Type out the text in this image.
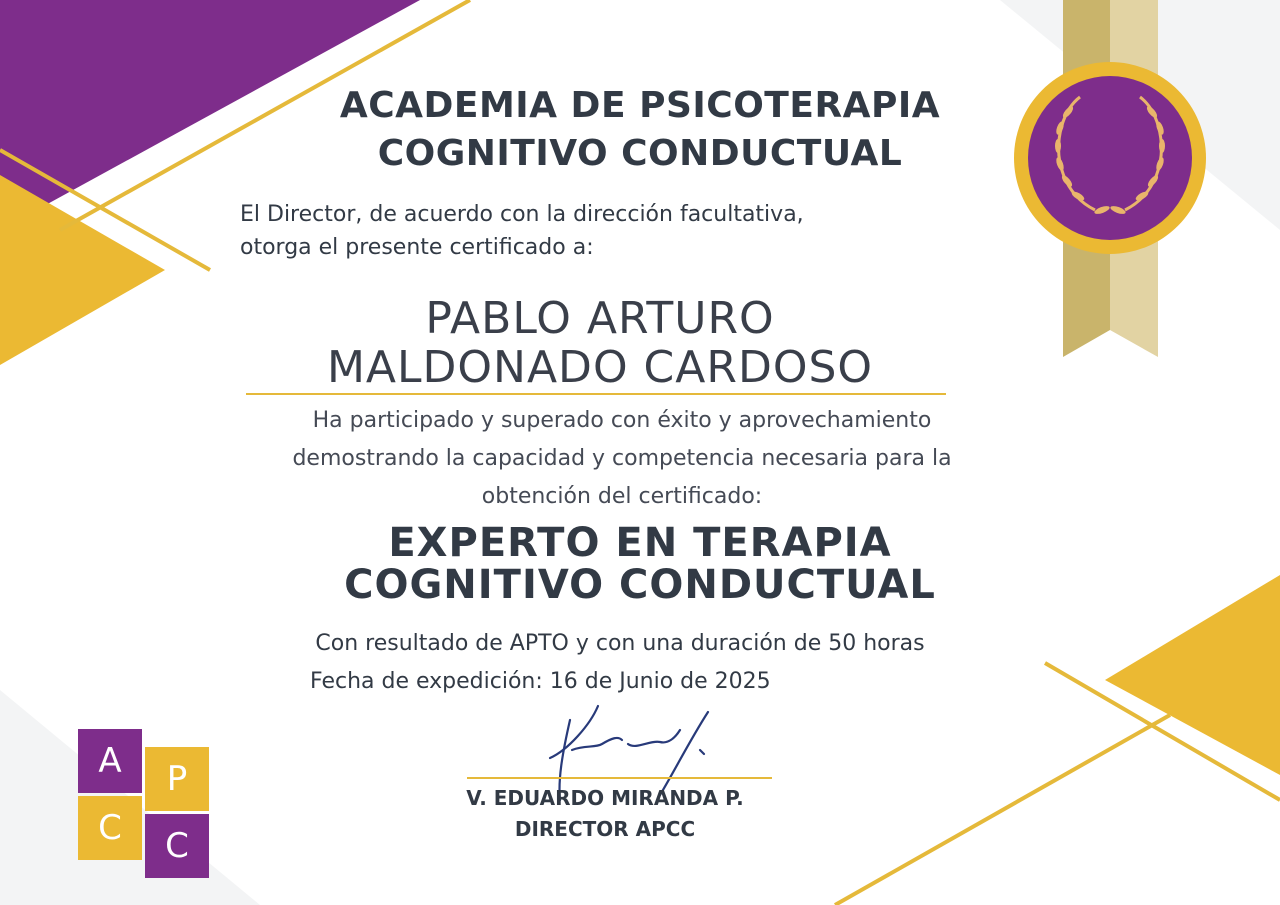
ACADEMIA DE PSICOTERAPIA
COGNITIVO CONDUCTUAL
El Director, de acuerdo con la dirección facultativa,
otorga el presente certificado a:
PABLO ARTURO
MALDONADO CARDOSO
Ha participado y superado con éxito y aprovechamiento
demostrando la capacidad y competencia necesaria para la
obtención del certificado:
EXPERTO EN TERAPIA
COGNITIVO CONDUCTUAL
Con resultado de APTO y con una duración de 50 horas
Fecha de expedición: 16 de Junio de 2025
V. EDUARDO MIRANDA P.
DIRECTOR APCC
A	P
C	C
